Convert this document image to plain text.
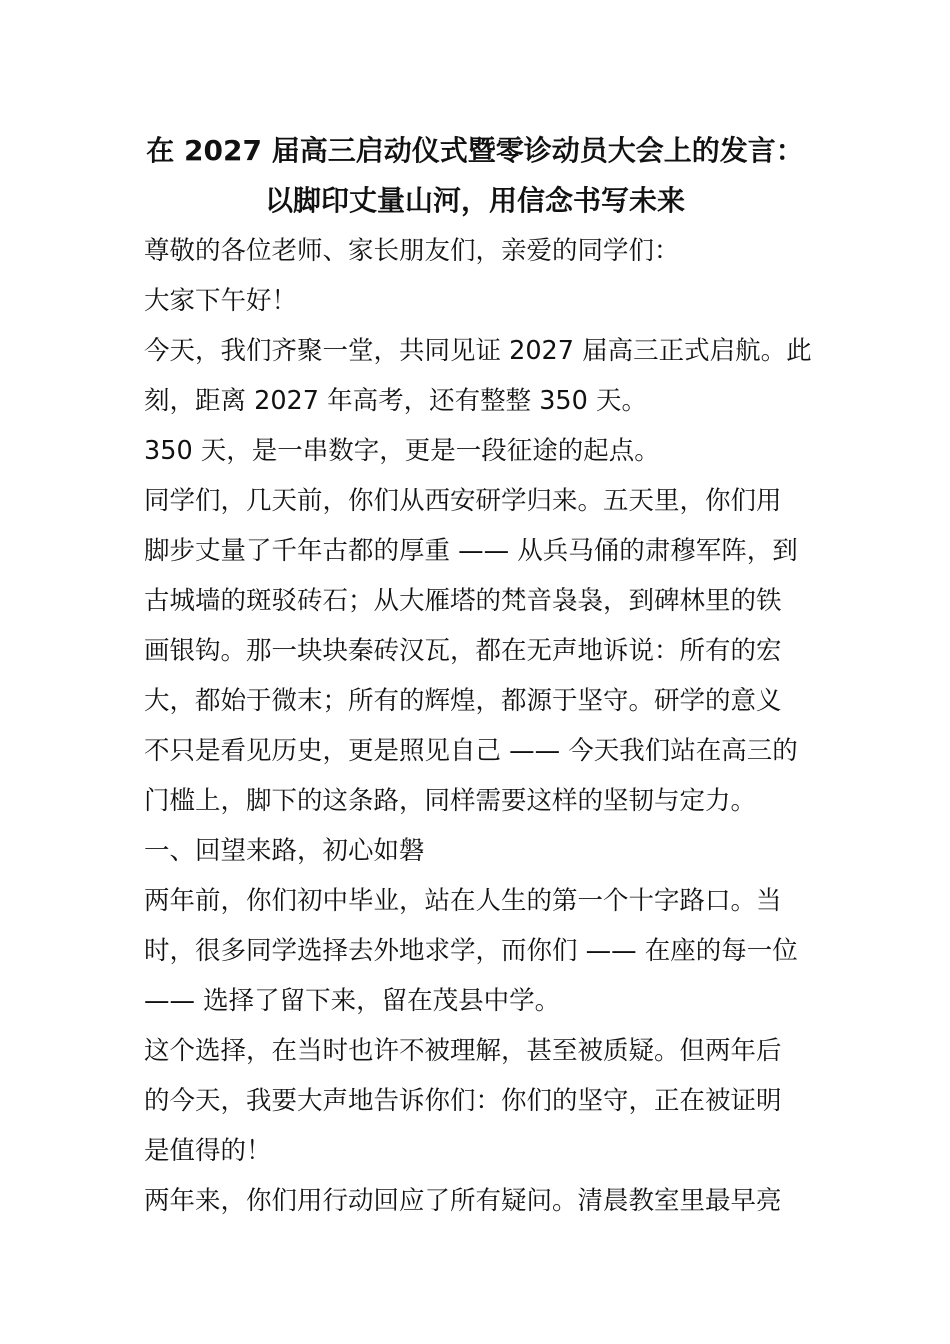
在 2027 届高三启动仪式暨零诊动员大会上的发言：
以脚印丈量山河，用信念书写未来
尊敬的各位老师、家长朋友们，亲爱的同学们：
大家下午好！
今天，我们齐聚一堂，共同见证 2027 届高三正式启航。此
刻，距离 2027 年高考，还有整整 350 天。
350 天，是一串数字，更是一段征途的起点。
同学们，几天前，你们从西安研学归来。五天里，你们用
脚步丈量了千年古都的厚重 —— 从兵马俑的肃穆军阵，到
古城墙的斑驳砖石；从大雁塔的梵音袅袅，到碑林里的铁
画银钩。那一块块秦砖汉瓦，都在无声地诉说：所有的宏
大，都始于微末；所有的辉煌，都源于坚守。研学的意义
不只是看见历史，更是照见自己 —— 今天我们站在高三的
门槛上，脚下的这条路，同样需要这样的坚韧与定力。
一、回望来路，初心如磐
两年前，你们初中毕业，站在人生的第一个十字路口。当
时，很多同学选择去外地求学，而你们 —— 在座的每一位
—— 选择了留下来，留在茂县中学。
这个选择，在当时也许不被理解，甚至被质疑。但两年后
的今天，我要大声地告诉你们：你们的坚守，正在被证明
是值得的！
两年来，你们用行动回应了所有疑问。清晨教室里最早亮
